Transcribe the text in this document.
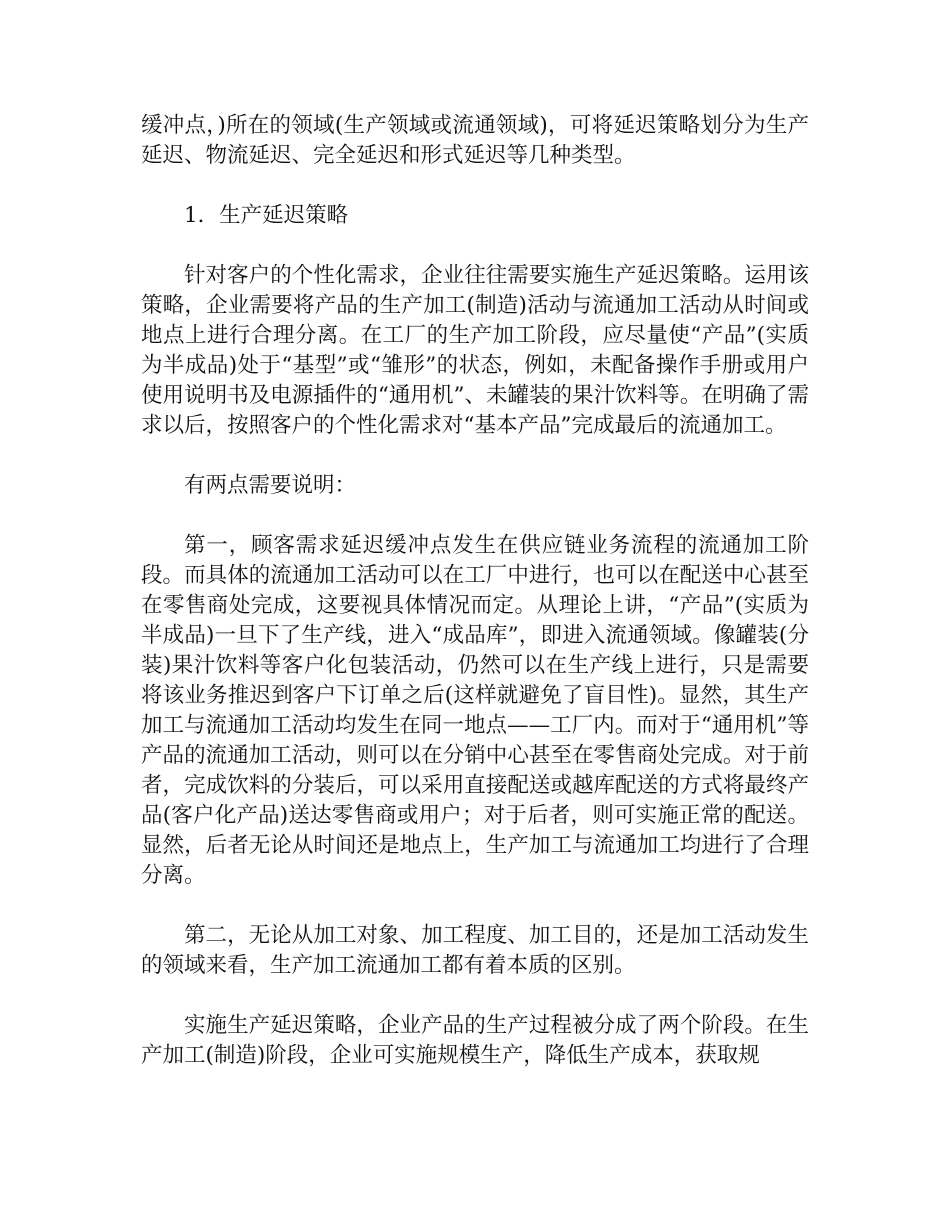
缓冲点，)所在的领域(生产领域或流通领域)，可将延迟策略划分为生产延迟、物流延迟、完全延迟和形式延迟等几种类型。

1．生产延迟策略

针对客户的个性化需求，企业往往需要实施生产延迟策略。运用该策略，企业需要将产品的生产加工(制造)活动与流通加工活动从时间或地点上进行合理分离。在工厂的生产加工阶段，应尽量使“产品”(实质为半成品)处于“基型”或“雏形”的状态，例如，未配备操作手册或用户使用说明书及电源插件的“通用机”、未罐装的果汁饮料等。在明确了需求以后，按照客户的个性化需求对“基本产品”完成最后的流通加工。

有两点需要说明：

第一，顾客需求延迟缓冲点发生在供应链业务流程的流通加工阶段。而具体的流通加工活动可以在工厂中进行，也可以在配送中心甚至在零售商处完成，这要视具体情况而定。从理论上讲，“产品”(实质为半成品)一旦下了生产线，进入“成品库”，即进入流通领域。像罐装(分装)果汁饮料等客户化包装活动，仍然可以在生产线上进行，只是需要将该业务推迟到客户下订单之后(这样就避免了盲目性)。显然，其生产加工与流通加工活动均发生在同一地点——工厂内。而对于“通用机”等产品的流通加工活动，则可以在分销中心甚至在零售商处完成。对于前者，完成饮料的分装后，可以采用直接配送或越库配送的方式将最终产品(客户化产品)送达零售商或用户；对于后者，则可实施正常的配送。显然，后者无论从时间还是地点上，生产加工与流通加工均进行了合理分离。

第二，无论从加工对象、加工程度、加工目的，还是加工活动发生的领域来看，生产加工流通加工都有着本质的区别。

实施生产延迟策略，企业产品的生产过程被分成了两个阶段。在生产加工(制造)阶段，企业可实施规模生产，降低生产成本，获取规
